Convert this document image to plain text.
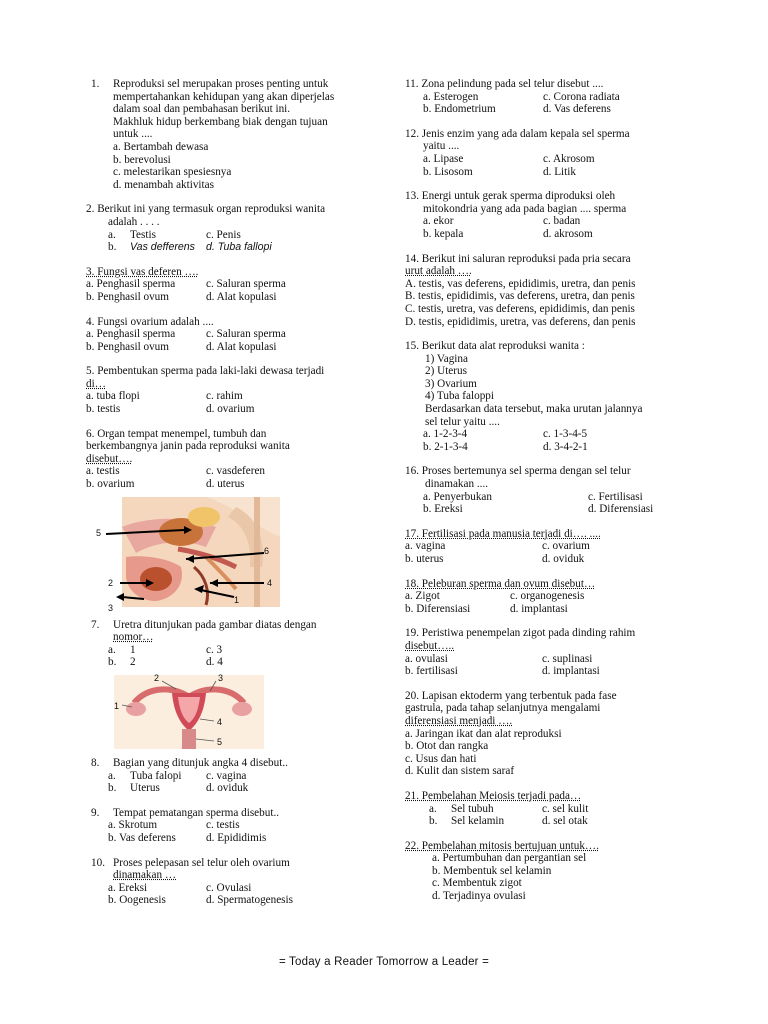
1.	Reproduksi sel merupakan proses penting untuk
mempertahankan kehidupan yang akan diperjelas
dalam soal dan pembahasan berikut ini.
Makhluk hidup berkembang biak dengan tujuan
untuk ....
a. Bertambah dewasa
b. berevolusi
c. melestarikan spesiesnya
d. menambah aktivitas
2. Berikut ini yang termasuk organ reproduksi wanita
adalah . . . .
a. Testis	c. Penis
b. Vas defferens	d. Tuba fallopi
3. Fungsi vas deferen ….
a. Penghasil sperma	c. Saluran sperma
b. Penghasil ovum	d. Alat kopulasi
4. Fungsi ovarium adalah ....
a. Penghasil sperma	c. Saluran sperma
b. Penghasil ovum	d. Alat kopulasi
5. Pembentukan sperma pada laki-laki dewasa terjadi
di…
a. tuba flopi	c. rahim
b. testis	d. ovarium
6. Organ tempat menempel, tumbuh dan
berkembangnya janin pada reproduksi wanita
disebut….
a. testis	c. vasdeferen
b. ovarium	d. uterus
5
6
2	4
1
3
7.	Uretra ditunjukan pada gambar diatas dengan
nomor…
a. 1	c. 3
b. 2	d. 4
2	3
1
4
5
8.	Bagian yang ditunjuk angka 4 disebut..
a. Tuba falopi	c. vagina
b. Uterus	d. oviduk
9.	Tempat pematangan sperma disebut..
a. Skrotum	c. testis
b. Vas deferens	d. Epididimis
10. Proses pelepasan sel telur oleh ovarium
dinamakan …
a. Ereksi	c. Ovulasi
b. Oogenesis	d. Spermatogenesis
11. Zona pelindung pada sel telur disebut ....
a. Esterogen	c. Corona radiata
b. Endometrium	d. Vas deferens
12. Jenis enzim yang ada dalam kepala sel sperma
yaitu ....
a. Lipase	c. Akrosom
b. Lisosom	d. Litik
13. Energi untuk gerak sperma diproduksi oleh
mitokondria yang ada pada bagian .... sperma
a. ekor	c. badan
b. kepala	d. akrosom
14. Berikut ini saluran reproduksi pada pria secara
urut adalah ….
A. testis, vas deferens, epididimis, uretra, dan penis
B. testis, epididimis, vas deferens, uretra, dan penis
C. testis, uretra, vas deferens, epididimis, dan penis
D. testis, epididimis, uretra, vas deferens, dan penis
15. Berikut data alat reproduksi wanita :
1) Vagina
2) Uterus
3) Ovarium
4) Tuba faloppi
Berdasarkan data tersebut, maka urutan jalannya
sel telur yaitu ....
a. 1-2-3-4	c. 1-3-4-5
b. 2-1-3-4	d. 3-4-2-1
16. Proses bertemunya sel sperma dengan sel telur
dinamakan ....
a. Penyerbukan	c. Fertilisasi
b. Ereksi	d. Diferensiasi
17. Fertilisasi pada manusia terjadi di…. ....
a. vagina	c. ovarium
b. uterus	d. oviduk
18. Peleburan sperma dan ovum disebut…
a. Zigot	c. organogenesis
b. Diferensiasi	d. implantasi
19. Peristiwa penempelan zigot pada dinding rahim
disebut…..
a. ovulasi	c. suplinasi
b. fertilisasi	d. implantasi
20. Lapisan ektoderm yang terbentuk pada fase
gastrula, pada tahap selanjutnya mengalami
diferensiasi menjadi ….
a. Jaringan ikat dan alat reproduksi
b. Otot dan rangka
c. Usus dan hati
d. Kulit dan sistem saraf
21. Pembelahan Meiosis terjadi pada…
a. Sel tubuh	c. sel kulit
b. Sel kelamin	d. sel otak
22. Pembelahan mitosis bertujuan untuk….
a. Pertumbuhan dan pergantian sel
b. Membentuk sel kelamin
c. Membentuk zigot
d. Terjadinya ovulasi
= Today a Reader Tomorrow a Leader =
